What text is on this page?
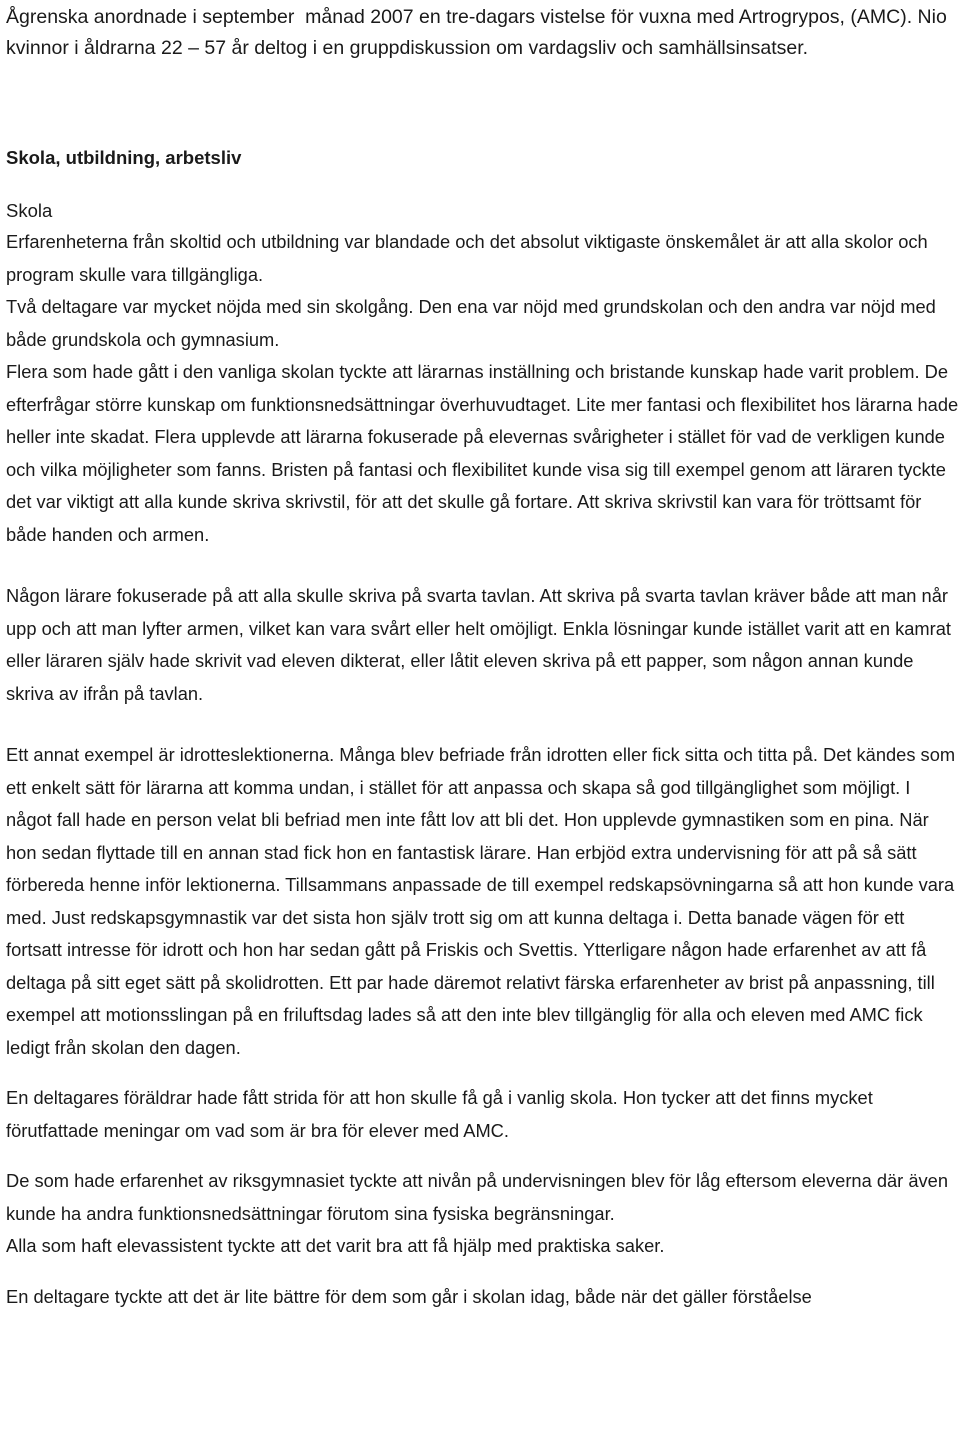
Ågrenska anordnade i september  månad 2007 en tre-dagars vistelse för vuxna med Artrogrypos, (AMC). Nio kvinnor i åldrarna 22 – 57 år deltog i en gruppdiskussion om vardagsliv och samhällsinsatser.

Skola, utbildning, arbetsliv
Skola

Erfarenheterna från skoltid och utbildning var blandade och det absolut viktigaste önskemålet är att alla skolor och program skulle vara tillgängliga.

Två deltagare var mycket nöjda med sin skolgång. Den ena var nöjd med grundskolan och den andra var nöjd med både grundskola och gymnasium.

Flera som hade gått i den vanliga skolan tyckte att lärarnas inställning och bristande kunskap hade varit problem. De efterfrågar större kunskap om funktionsnedsättningar överhuvudtaget. Lite mer fantasi och flexibilitet hos lärarna hade heller inte skadat. Flera upplevde att lärarna fokuserade på elevernas svårigheter i stället för vad de verkligen kunde och vilka möjligheter som fanns. Bristen på fantasi och flexibilitet kunde visa sig till exempel genom att läraren tyckte det var viktigt att alla kunde skriva skrivstil, för att det skulle gå fortare. Att skriva skrivstil kan vara för tröttsamt för både handen och armen.

Någon lärare fokuserade på att alla skulle skriva på svarta tavlan. Att skriva på svarta tavlan kräver både att man når upp och att man lyfter armen, vilket kan vara svårt eller helt omöjligt. Enkla lösningar kunde istället varit att en kamrat eller läraren själv hade skrivit vad eleven dikterat, eller låtit eleven skriva på ett papper, som någon annan kunde skriva av ifrån på tavlan.

Ett annat exempel är idrotteslektionerna. Många blev befriade från idrotten eller fick sitta och titta på. Det kändes som ett enkelt sätt för lärarna att komma undan, i stället för att anpassa och skapa så god tillgänglighet som möjligt. I något fall hade en person velat bli befriad men inte fått lov att bli det. Hon upplevde gymnastiken som en pina. När hon sedan flyttade till en annan stad fick hon en fantastisk lärare. Han erbjöd extra undervisning för att på så sätt förbereda henne inför lektionerna. Tillsammans anpassade de till exempel redskapsövningarna så att hon kunde vara med. Just redskapsgymnastik var det sista hon själv trott sig om att kunna deltaga i. Detta banade vägen för ett fortsatt intresse för idrott och hon har sedan gått på Friskis och Svettis. Ytterligare någon hade erfarenhet av att få deltaga på sitt eget sätt på skolidrotten. Ett par hade däremot relativt färska erfarenheter av brist på anpassning, till exempel att motionsslingan på en friluftsdag lades så att den inte blev tillgänglig för alla och eleven med AMC fick ledigt från skolan den dagen.

En deltagares föräldrar hade fått strida för att hon skulle få gå i vanlig skola. Hon tycker att det finns mycket förutfattade meningar om vad som är bra för elever med AMC.

De som hade erfarenhet av riksgymnasiet tyckte att nivån på undervisningen blev för låg eftersom eleverna där även kunde ha andra funktionsnedsättningar förutom sina fysiska begränsningar.

Alla som haft elevassistent tyckte att det varit bra att få hjälp med praktiska saker.

En deltagare tyckte att det är lite bättre för dem som går i skolan idag, både när det gäller förståelse
